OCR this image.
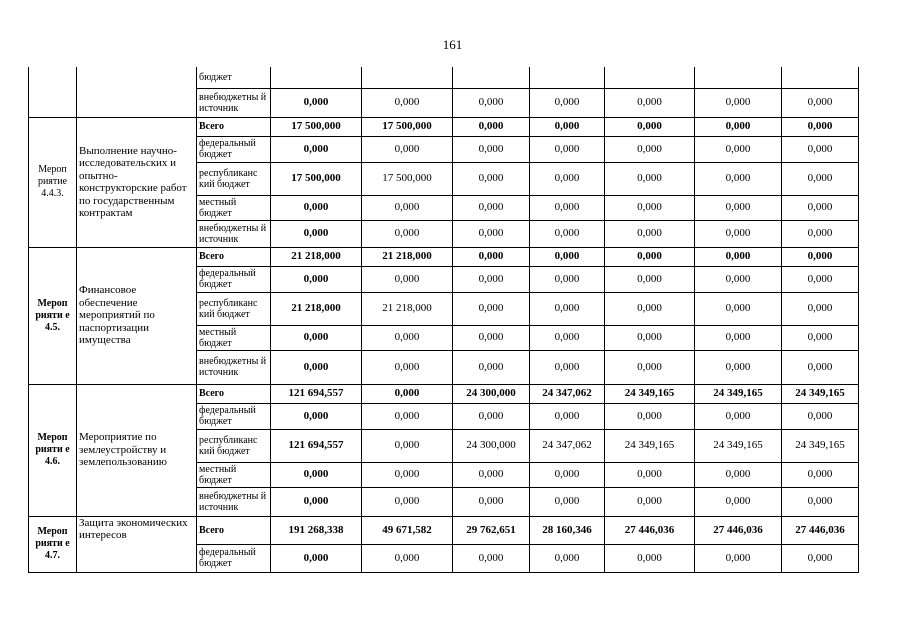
161
		бюджет							
		внебюджетны й источник	0,000	0,000	0,000	0,000	0,000	0,000	0,000
Мероп риятие 4.4.3.	Выполнение научно-исследовательских и опытно-конструкторские работ по государственным контрактам	Всего	17 500,000	17 500,000	0,000	0,000	0,000	0,000	0,000
		федеральный бюджет	0,000	0,000	0,000	0,000	0,000	0,000	0,000
		республиканс кий бюджет	17 500,000	17 500,000	0,000	0,000	0,000	0,000	0,000
		местный бюджет	0,000	0,000	0,000	0,000	0,000	0,000	0,000
		внебюджетны й источник	0,000	0,000	0,000	0,000	0,000	0,000	0,000
Мероп рияти е 4.5.	Финансовое обеспечение мероприятий по паспортизации имущества	Всего	21 218,000	21 218,000	0,000	0,000	0,000	0,000	0,000
		федеральный бюджет	0,000	0,000	0,000	0,000	0,000	0,000	0,000
		республиканс кий бюджет	21 218,000	21 218,000	0,000	0,000	0,000	0,000	0,000
		местный бюджет	0,000	0,000	0,000	0,000	0,000	0,000	0,000
		внебюджетны й источник	0,000	0,000	0,000	0,000	0,000	0,000	0,000
Мероп рияти е 4.6.	Мероприятие по землеустройству и землепользованию	Всего	121 694,557	0,000	24 300,000	24 347,062	24 349,165	24 349,165	24 349,165
		федеральный бюджет	0,000	0,000	0,000	0,000	0,000	0,000	0,000
		республиканс кий бюджет	121 694,557	0,000	24 300,000	24 347,062	24 349,165	24 349,165	24 349,165
		местный бюджет	0,000	0,000	0,000	0,000	0,000	0,000	0,000
		внебюджетны й источник	0,000	0,000	0,000	0,000	0,000	0,000	0,000
Мероп рияти е 4.7.	Защита экономических интересов	Всего	191 268,338	49 671,582	29 762,651	28 160,346	27 446,036	27 446,036	27 446,036
		федеральный бюджет	0,000	0,000	0,000	0,000	0,000	0,000	0,000
